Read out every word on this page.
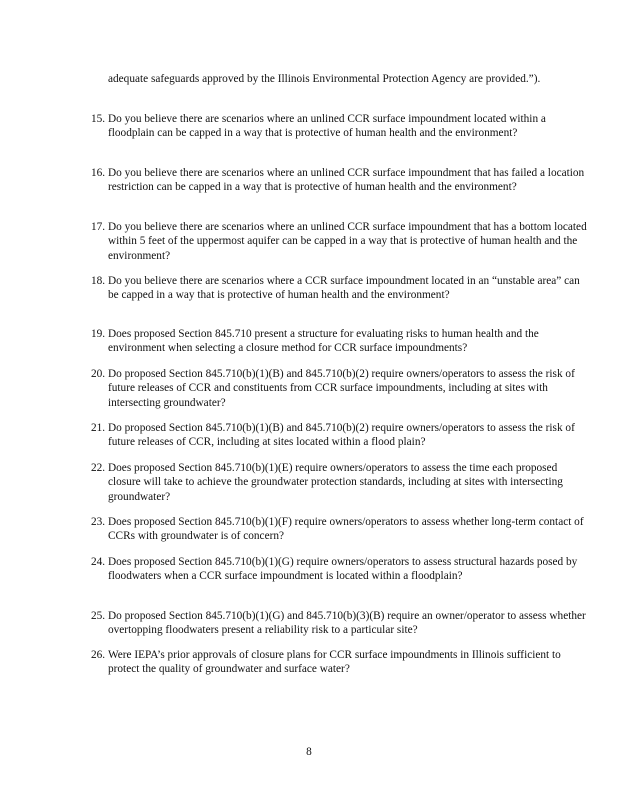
adequate safeguards approved by the Illinois Environmental Protection Agency are provided.”).
15. Do you believe there are scenarios where an unlined CCR surface impoundment located within a floodplain can be capped in a way that is protective of human health and the environment?
16. Do you believe there are scenarios where an unlined CCR surface impoundment that has failed a location restriction can be capped in a way that is protective of human health and the environment?
17. Do you believe there are scenarios where an unlined CCR surface impoundment that has a bottom located within 5 feet of the uppermost aquifer can be capped in a way that is protective of human health and the environment?
18. Do you believe there are scenarios where a CCR surface impoundment located in an “unstable area” can be capped in a way that is protective of human health and the environment?
19. Does proposed Section 845.710 present a structure for evaluating risks to human health and the environment when selecting a closure method for CCR surface impoundments?
20. Do proposed Section 845.710(b)(1)(B) and 845.710(b)(2) require owners/operators to assess the risk of future releases of CCR and constituents from CCR surface impoundments, including at sites with intersecting groundwater?
21. Do proposed Section 845.710(b)(1)(B) and 845.710(b)(2) require owners/operators to assess the risk of future releases of CCR, including at sites located within a flood plain?
22. Does proposed Section 845.710(b)(1)(E) require owners/operators to assess the time each proposed closure will take to achieve the groundwater protection standards, including at sites with intersecting groundwater?
23. Does proposed Section 845.710(b)(1)(F) require owners/operators to assess whether long-term contact of CCRs with groundwater is of concern?
24. Does proposed Section 845.710(b)(1)(G) require owners/operators to assess structural hazards posed by floodwaters when a CCR surface impoundment is located within a floodplain?
25. Do proposed Section 845.710(b)(1)(G) and 845.710(b)(3)(B) require an owner/operator to assess whether overtopping floodwaters present a reliability risk to a particular site?
26. Were IEPA’s prior approvals of closure plans for CCR surface impoundments in Illinois sufficient to protect the quality of groundwater and surface water?
8
